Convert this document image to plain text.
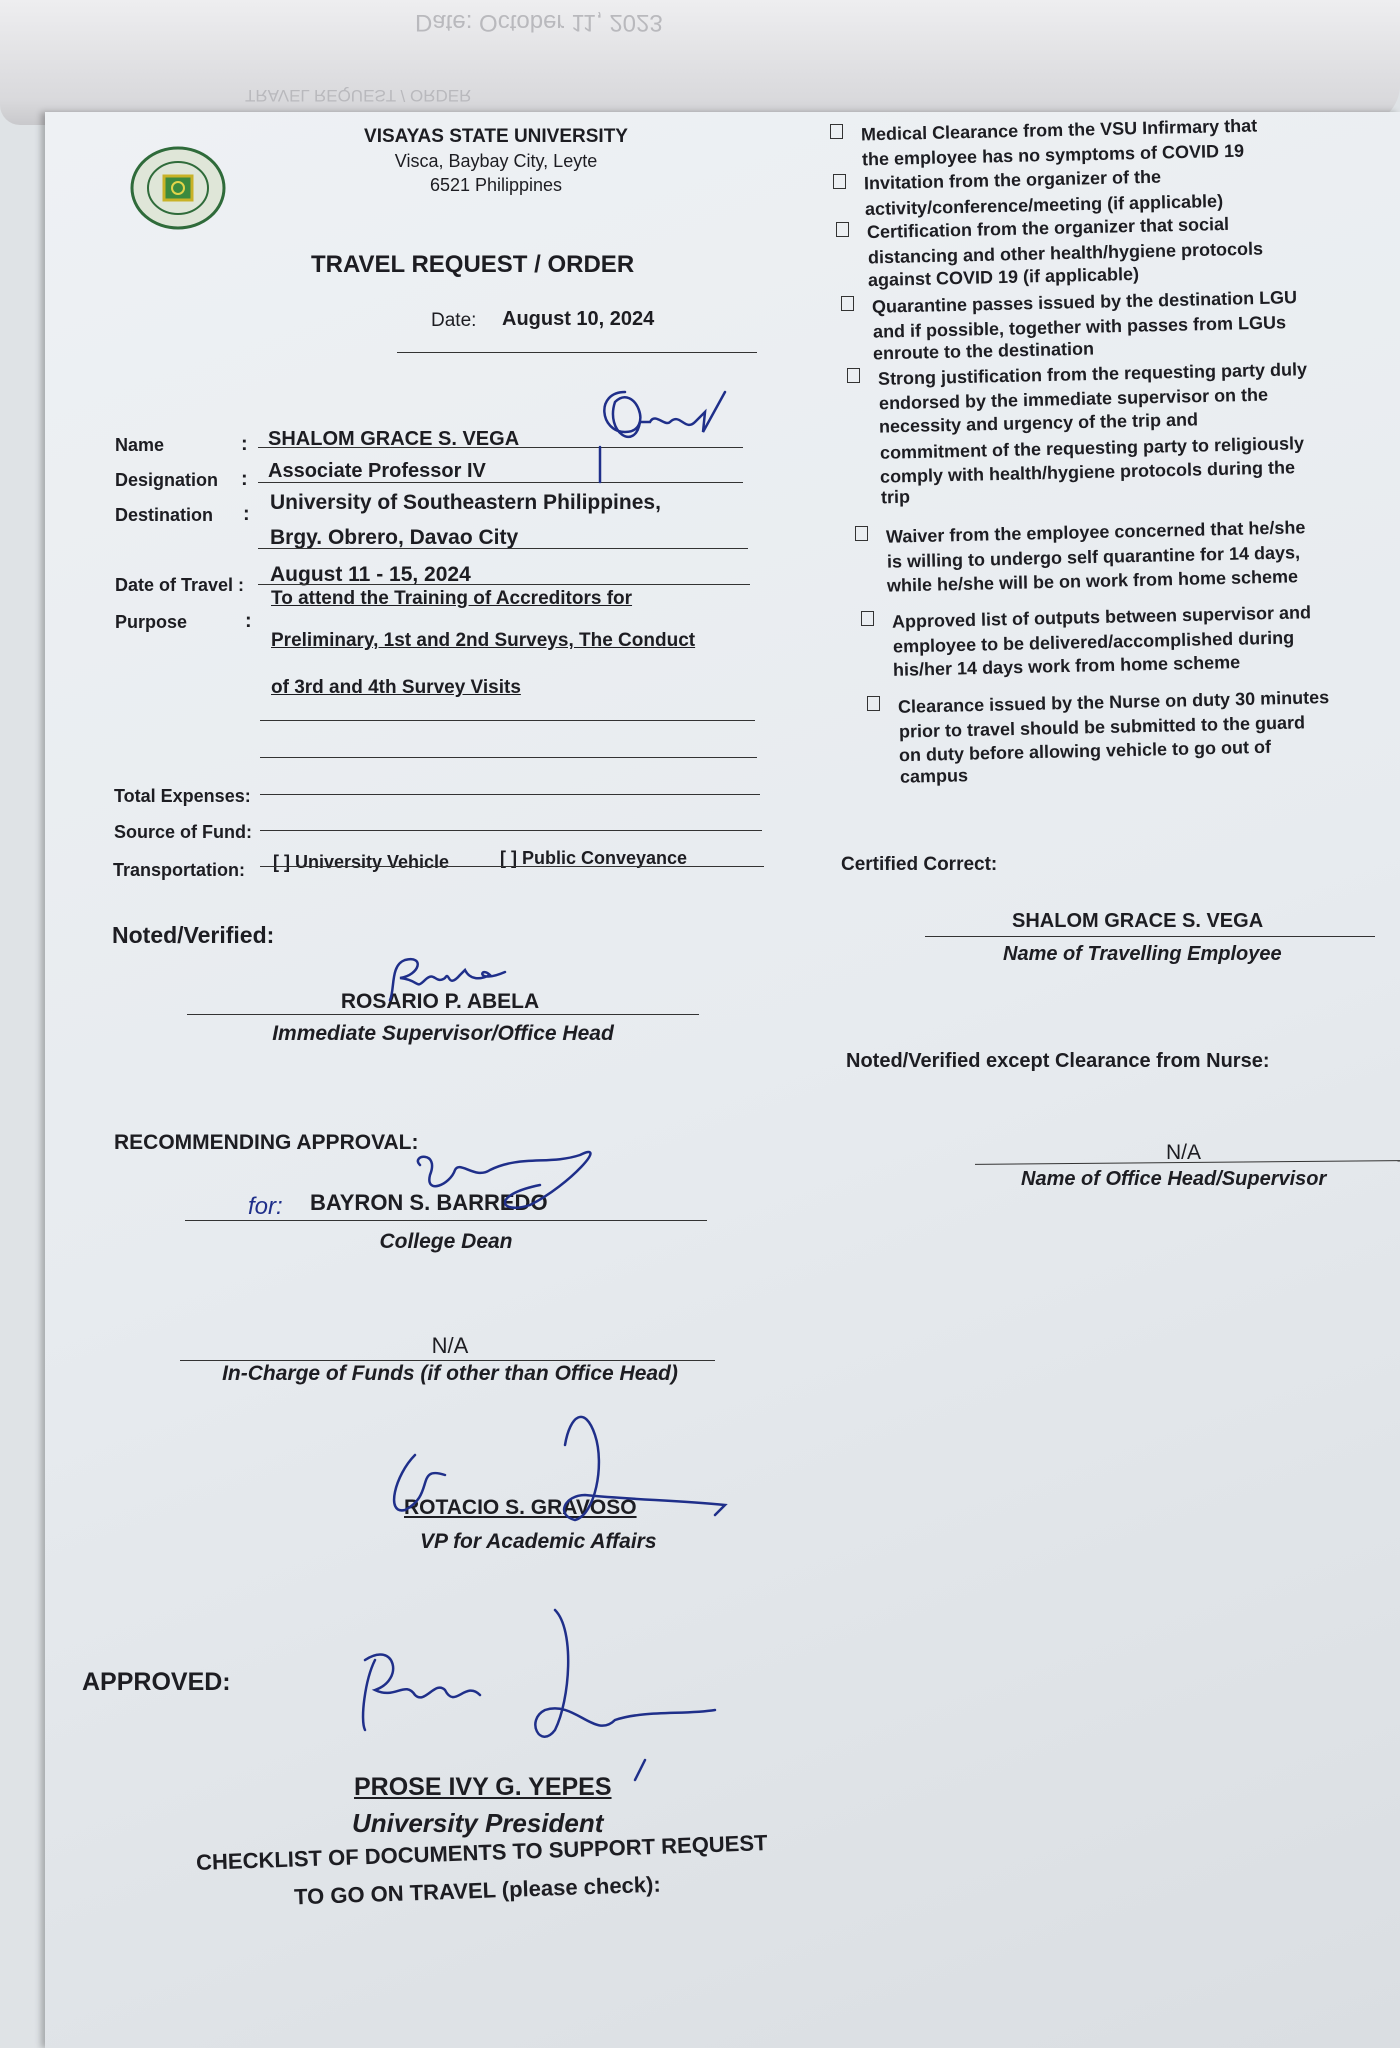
Date: October 11, 2023
TRAVEL REQUEST / ORDER
VISAYAS STATE UNIVERSITY
Visca, Baybay City, Leyte
6521 Philippines
TRAVEL REQUEST / ORDER
Date: August 10, 2024
Name	: SHALOM GRACE S. VEGA
Designation : Associate Professor IV
Destination : University of Southeastern Philippines,
Brgy. Obrero, Davao City
Date of Travel : August 11 - 15, 2024
Purpose	:
To attend the Training of Accreditors for
Preliminary, 1st and 2nd Surveys, The Conduct
of 3rd and 4th Survey Visits
Total Expenses:
Source of Fund:
Transportation: [ ] University Vehicle	[ ] Public Conveyance
Noted/Verified:
ROSARIO P. ABELA
Immediate Supervisor/Office Head
RECOMMENDING APPROVAL:
for: BAYRON S. BARREDO
College Dean
N/A
In-Charge of Funds (if other than Office Head)
ROTACIO S. GRAVOSO
VP for Academic Affairs
APPROVED:
PROSE IVY G. YEPES
University President
CHECKLIST OF DOCUMENTS TO SUPPORT REQUEST
TO GO ON TRAVEL (please check):
Medical Clearance from the VSU Infirmary that
the employee has no symptoms of COVID 19
Invitation from the organizer of the
activity/conference/meeting (if applicable)
Certification from the organizer that social
distancing and other health/hygiene protocols
against COVID 19 (if applicable)
Quarantine passes issued by the destination LGU
and if possible, together with passes from LGUs
enroute to the destination
Strong justification from the requesting party duly
endorsed by the immediate supervisor on the
necessity and urgency of the trip and
commitment of the requesting party to religiously
comply with health/hygiene protocols during the
trip
Waiver from the employee concerned that he/she
is willing to undergo self quarantine for 14 days,
while he/she will be on work from home scheme
Approved list of outputs between supervisor and
employee to be delivered/accomplished during
his/her 14 days work from home scheme
Clearance issued by the Nurse on duty 30 minutes
prior to travel should be submitted to the guard
on duty before allowing vehicle to go out of
campus
Certified Correct:
SHALOM GRACE S. VEGA
Name of Travelling Employee
Noted/Verified except Clearance from Nurse:
N/A
Name of Office Head/Supervisor
